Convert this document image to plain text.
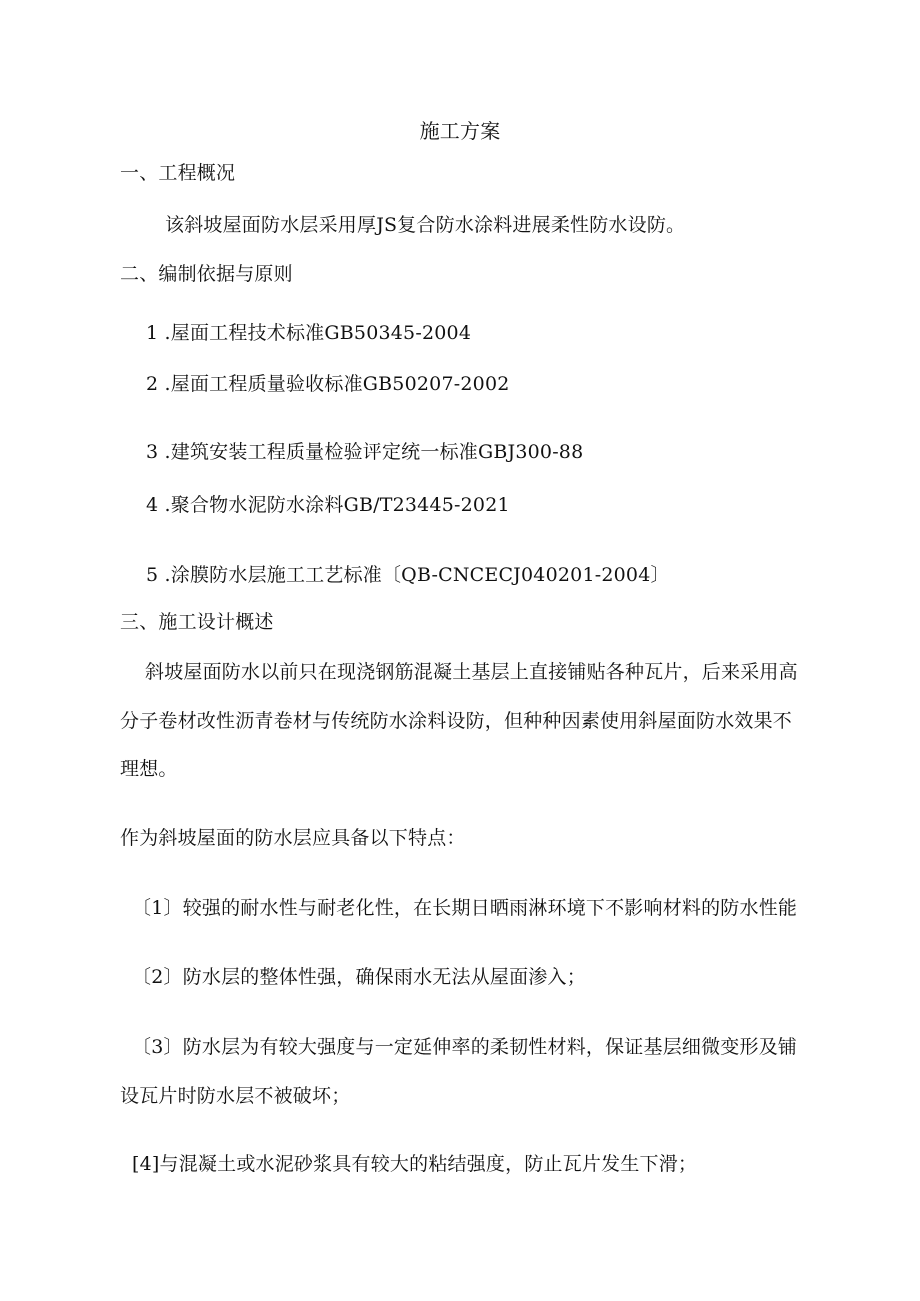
施工方案
一、工程概况
该斜坡屋面防水层采用厚JS复合防水涂料进展柔性防水设防。
二、编制依据与原则
1 .屋面工程技术标准GB50345-2004
2 .屋面工程质量验收标准GB50207-2002
3 .建筑安装工程质量检验评定统一标准GBJ300-88
4 .聚合物水泥防水涂料GB/T23445-2021
5 .涂膜防水层施工工艺标准〔QB-CNCECJ040201-2004〕
三、施工设计概述
斜坡屋面防水以前只在现浇钢筋混凝土基层上直接铺贴各种瓦片，后来采用高
分子卷材改性沥青卷材与传统防水涂料设防，但种种因素使用斜屋面防水效果不
理想。
作为斜坡屋面的防水层应具备以下特点：
〔1〕较强的耐水性与耐老化性，在长期日晒雨淋环境下不影响材料的防水性能
〔2〕防水层的整体性强，确保雨水无法从屋面渗入；
〔3〕防水层为有较大强度与一定延伸率的柔韧性材料，保证基层细微变形及铺
设瓦片时防水层不被破坏；
[4]与混凝土或水泥砂浆具有较大的粘结强度，防止瓦片发生下滑；
